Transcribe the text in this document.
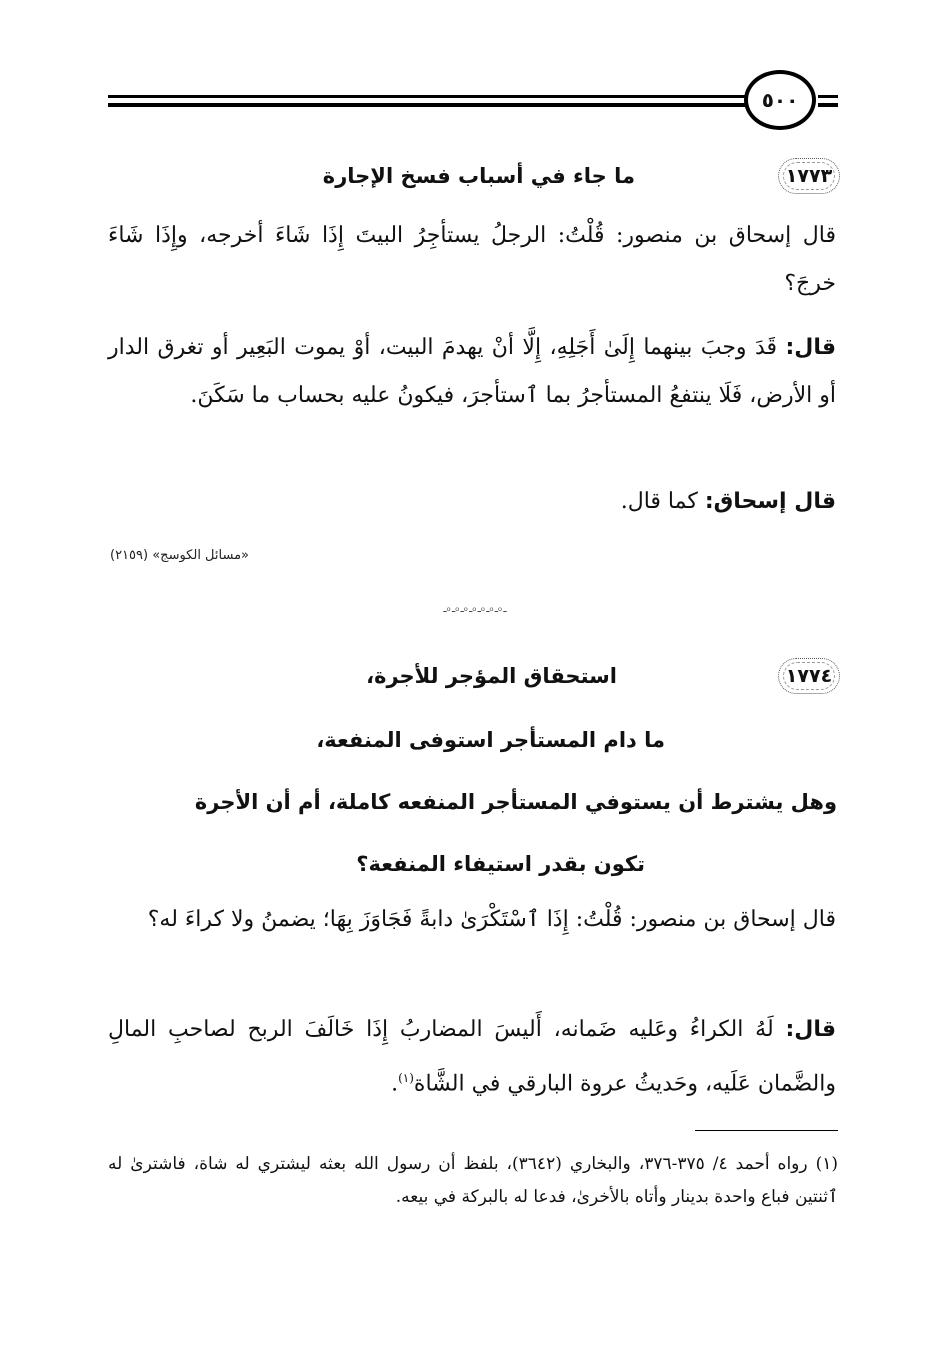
٥٠٠
١٧٧٣
ما جاء في أسباب فسخ الإجارة
قال إسحاق بن منصور: قُلْتُ: الرجلُ يستأجِرُ البيتَ إِذَا شَاءَ أخرجه، وإِذَا شَاءَ خرجَ؟
قال: قَدَ وجبَ بينهما إِلَىٰ أَجَلِهِ، إِلَّا أنْ يهدمَ البيت، أوْ يموت البَعِير أو تغرق الدار أو الأرض، فَلَا ينتفعُ المستأجرُ بما ٱستأجرَ، فيكونُ عليه بحساب ما سَكَنَ.
قال إسحاق: كما قال.
«مسائل الكوسج» (٢١٥٩)
ـ৹ـ৹ـ৹ـ৹ـ৹ـ৹ـ৹ـ
١٧٧٤
استحقاق المؤجر للأجرة،
ما دام المستأجر استوفى المنفعة،
وهل يشترط أن يستوفي المستأجر المنفعه كاملة، أم أن الأجرة
تكون بقدر استيفاء المنفعة؟
قال إسحاق بن منصور: قُلْتُ: إِذَا ٱسْتَكْرَىٰ دابةً فَجَاوَزَ بِهَا؛ يضمنُ ولا كراءَ له؟
قال: لَهُ الكراءُ وعَليه ضَمانه، أَليسَ المضاربُ إِذَا خَالَفَ الربح لصاحبِ المالِ والضَّمان عَلَيه، وحَديثُ عروة البارقي في الشَّاة$^{(١)}$.
(١) رواه أحمد ٤/ ٣٧٥-٣٧٦، والبخاري (٣٦٤٢)، بلفظ أن رسول الله بعثه ليشتري له شاة، فاشترىٰ له ٱثنتين فباع واحدة بدينار وأتاه بالأخرىٰ، فدعا له بالبركة في بيعه.
